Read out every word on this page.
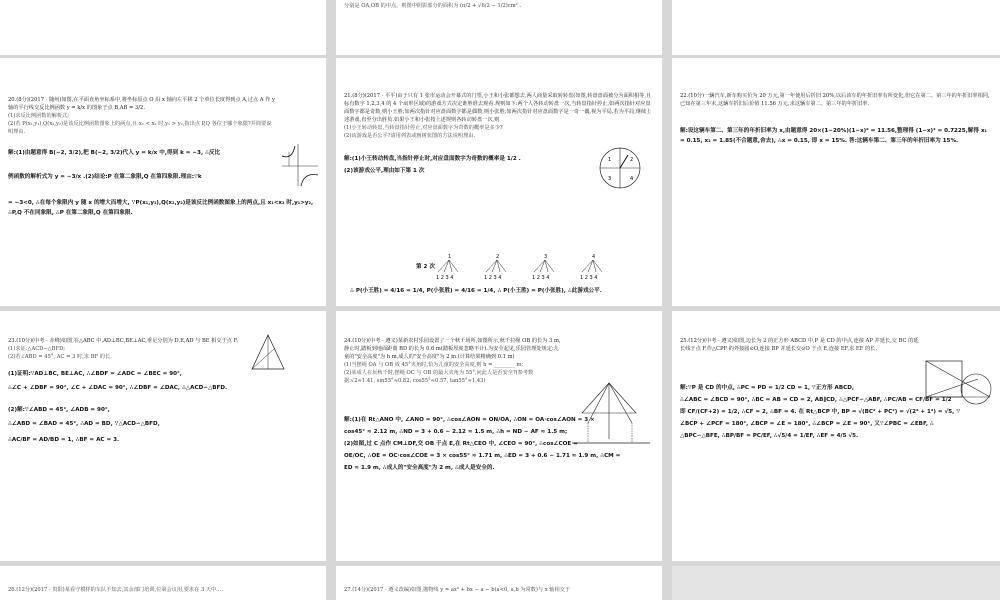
分别是 OA,OB 的中点，则图中阴影部分的面积为 (π/2 + √6/2 − 1/2)cm² .
20.(8分)(2017 · 随州)如图,在平面直角坐标系中,将坐标原点 O 沿 x 轴向左平移 2 个单位长度得到点 A,过点 A 作 y 轴的平行线交反比例函数 y = k/x 的图象于点 B,AB = 3/2.
(1)求反比例函数的解析式;
(2)若 P(x₁,y₁),Q(x₂,y₂)是该反比例函数图象上的两点,且 x₁ < x₂ 时,y₁ > y₂,指出点 P,Q 各位于哪个象限?并简要说明理由.
解:(1)由题意得 B(−2, 3/2),把 B(−2, 3/2)代入 y = k/x 中,得到 k = −3, ∴反比
例函数的解析式为 y = −3/x .(2)结论:P 在第二象限,Q 在第四象限.理由:∵k
= −3<0, ∴在每个象限内 y 随 x 的增大而增大, ∵P(x₁,y₁),Q(x₂,y₂)是该反比例函数图象上的两点,且 x₁<x₂ 时,y₁>y₂, ∴P,Q 不在同象限, ∴P 在第二象限,Q 在第四象限.
21.(8分)(2017 · 平平)由于只有 1 张市运动会开幕式的门票,小王和小张都想去,两人商量采取转转盘(如图,转盘盘面被分为面积相等,且标有数字 1,2,3,4 的 4 个扇形区域)的游戏方式决定谁胜谁去观看.规则如下:两个人各转动转盘一次,当转盘指针停止,如两次指针对应盘面数字都是奇数,则小王胜;如两次指针对应盘面数字都是偶数,则小张胜;如两次指针对应盘面数字是一奇一偶,视为平局.若为平局,继续上述游戏,直至分出胜负.如果小王和小张按上述规则各转动转盘一次,则
(1)小王转动转盘,当转盘指针停止,对应盘面数字为奇数的概率是多少?
(2)该游戏是否公平?请用列表或画树状图的方法说明理由.
1	2
3	4
解:(1)小王转动转盘,当指针停止时,对应盘面数字为奇数的概率是 1/2 .
(2)该游戏公平,理由如下第 1 次
1	2	3	4
1 2 3 4	1 2 3 4	1 2 3 4	1 2 3 4
第 2 次
∴ P(小王胜) = 4/16 = 1/4, P(小张胜) = 4/16 = 1/4, ∴ P(小王胜) = P(小张胜), ∴此游戏公平.
22.(10分)一辆汽车,新车购买价为 20 万元,第一年使用后折旧 20%,以后该车的年折旧率有所变化,但它在第二、第三年的年折旧率相同,已知在第三年末,这辆车折旧后价值 11.56 万元,求这辆车第二、第三年的年折旧率.
解:设这辆车第二、第三年的年折旧率为 x,由题意得 20×(1−20%)(1−x)² = 11.56,整理得 (1−x)² = 0.7225,解得 x₁ = 0.15, x₂ = 1.85(不合题意,舍去), ∴x = 0.15, 即 x = 15%. 答:这辆车第二、第三年的年折旧率为 15%.
23.(10分)(中考 · 赤峰)如图,在△ABC 中,AD⊥BC,BE⊥AC,垂足分别为 D,E,AD 与 BE 相交于点 F.
(1)求证:△ACD∽△BFD;
(2)若∠ABD = 45°, AC = 3 时,求 BF 的长.
(1)证明:∵AD⊥BC, BE⊥AC, ∴∠BDF = ∠ADC = ∠BEC = 90°,
∴∠C + ∠DBF = 90°, ∠C + ∠DAC = 90°, ∴∠DBF = ∠DAC, ∴△ACD∽△BFD.
(2)解:∵∠ABD = 45°, ∠ADB = 90°,
∴∠ABD = ∠BAD = 45°, ∴AD = BD, ∵△ACD∽△BFD,
∴AC/BF = AD/BD = 1, ∴BF = AC = 3.
24.(10分)(中考 · 遵义)某新农村乐园设置了一个秋千场所,如图所示,秋千拉绳 OB 的长为 3 m,静止时,踏板到地面距离 BD 的长为 0.6 m(踏板厚度忽略不计).为安全起见,乐园管理处规定:儿童的"安全高度"为 h m,成人的"安全高度"为 2 m.(计算结果精确到 0.1 m)
(1)当摆绳 OA 与 OB 成 45°夹角时,恰为儿童的安全高度,则 h = ________ m;
(2)某成人在玩秋千时,摆绳 OC 与 OB 的最大夹角为 55°,问此人是否安全?(参考数据:√2≈1.41, sin55°≈0.82, cos55°≈0.57, tan55°≈1.43)
解:(1)在 Rt△ANO 中, ∠ANO = 90°, ∴cos∠AON = ON/OA, ∴ON = OA·cos∠AON = 3 ×
cos45° ≈ 2.12 m, ∴ND = 3 + 0.6 − 2.12 ≈ 1.5 m, ∴h = ND − AF ≈ 1.5 m;
(2)如图,过 C 点作 CM⊥DF,交 OB 于点 E,在 Rt△CEO 中, ∠CEO = 90°, ∴cos∠COE =
OE/OC, ∴OE = OC·cos∠COE = 3 × cos55° ≈ 1.71 m, ∴ED = 3 + 0.6 − 1.71 ≈ 1.9 m, ∴CM =
ED ≈ 1.9 m, ∴成人的"安全高度"为 2 m, ∴成人是安全的.
25.(12分)(中考 · 遵义)如图,边长为 2 的正方形 ABCD 中,P 是 CD 的中点,连接 AP 并延长,交 BC 的延长线于点 F,作△CPF 的外接圆⊙O,连接 BP 并延长交⊙O 于点 E,连接 EF,求 EF 的长.
解:∵P 是 CD 的中点, ∴PC = PD = 1/2 CD = 1, ∵正方形 ABCD,
∴∠ABC = ∠BCD = 90°, ∴BC = AB = CD = 2, AB∥CD, ∴△PCF∽△ABF, ∴PC/AB = CF/BF = 1/2
即 CF/(CF+2) = 1/2, ∴CF = 2, ∴BF = 4. 在 Rt△BCP 中, BP = √(BC² + PC²) = √(2² + 1²) = √5, ∵
∠BCP + ∠PCF = 180°, ∠BCP = ∠E = 180°, ∴∠BCP = ∠E = 90°, 又∵∠PBC = ∠EBF, ∴
△BPC∽△BFE, ∴BP/BF = PC/EF, ∴√5/4 = 1/EF, ∴EF = 4/5 √5.
26.(12分)(2017 · 贵阳)某看守模样的车队不知去,其余部门培训,位第会议用,要求在 3 天中....	27.(14分)(2017 · 遵义改编)如图,抛物线 y = ax² + bx − a − b(a<0, a,b 为常数)与 x 轴相交于
